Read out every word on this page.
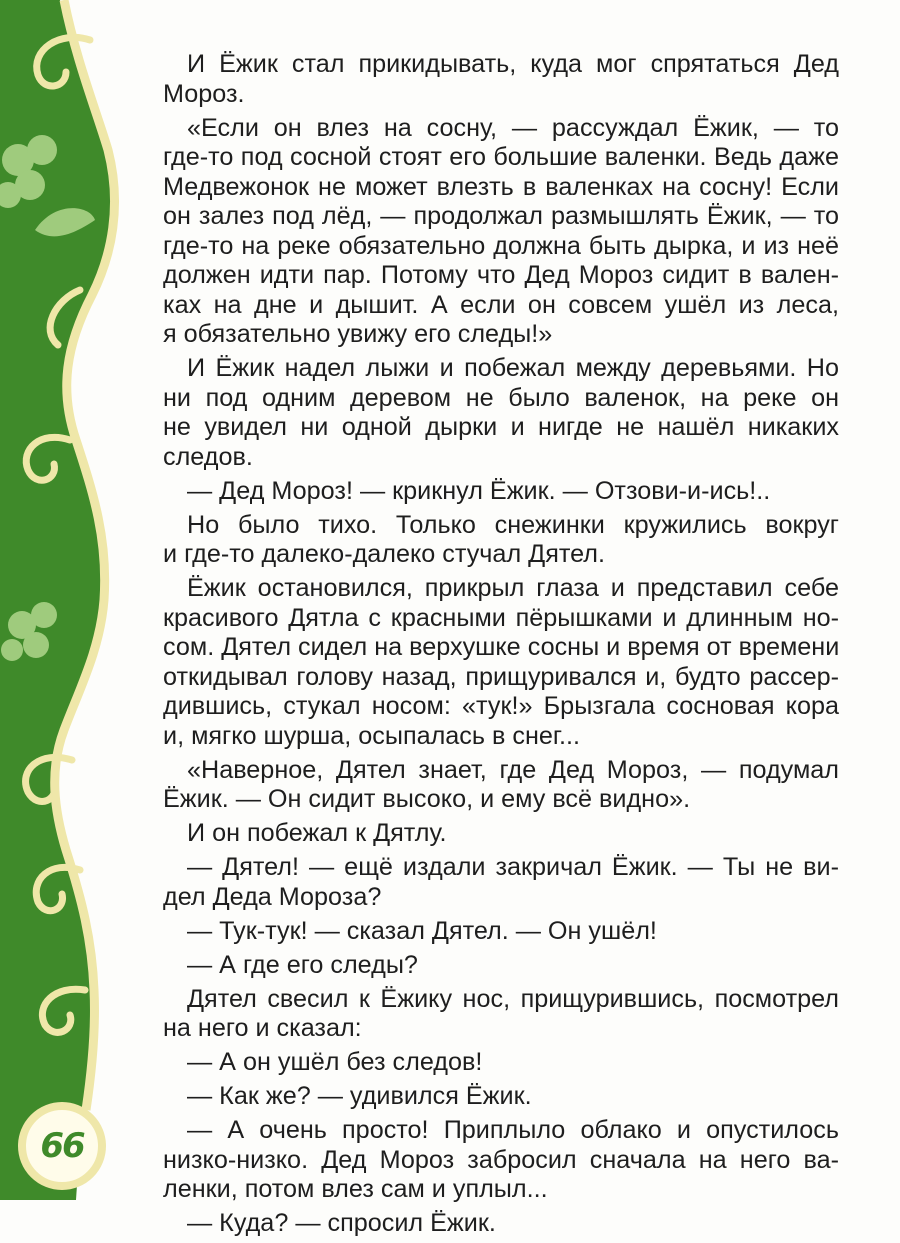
66

И Ёжик стал прикидывать, куда мог спрятаться Дед
Мороз.

«Если он влез на сосну, — рассуждал Ёжик, — то
где-то под сосной стоят его большие валенки. Ведь даже
Медвежонок не может влезть в валенках на сосну! Если
он залез под лёд, — продолжал размышлять Ёжик, — то
где-то на реке обязательно должна быть дырка, и из неё
должен идти пар. Потому что Дед Мороз сидит в вален-
ках на дне и дышит. А если он совсем ушёл из леса,
я обязательно увижу его следы!»

И Ёжик надел лыжи и побежал между деревьями. Но
ни под одним деревом не было валенок, на реке он
не увидел ни одной дырки и нигде не нашёл никаких
следов.

— Дед Мороз! — крикнул Ёжик. — Отзови-и-ись!..

Но было тихо. Только снежинки кружились вокруг
и где-то далеко-далеко стучал Дятел.

Ёжик остановился, прикрыл глаза и представил себе
красивого Дятла с красными пёрышками и длинным но-
сом. Дятел сидел на верхушке сосны и время от времени
откидывал голову назад, прищуривался и, будто рассер-
дившись, стукал носом: «тук!» Брызгала сосновая кора
и, мягко шурша, осыпалась в снег...

«Наверное, Дятел знает, где Дед Мороз, — подумал
Ёжик. — Он сидит высоко, и ему всё видно».

И он побежал к Дятлу.

— Дятел! — ещё издали закричал Ёжик. — Ты не ви-
дел Деда Мороза?

— Тук-тук! — сказал Дятел. — Он ушёл!

— А где его следы?

Дятел свесил к Ёжику нос, прищурившись, посмотрел
на него и сказал:

— А он ушёл без следов!

— Как же? — удивился Ёжик.

— А очень просто! Приплыло облако и опустилось
низко-низко. Дед Мороз забросил сначала на него ва-
ленки, потом влез сам и уплыл...

— Куда? — спросил Ёжик.
